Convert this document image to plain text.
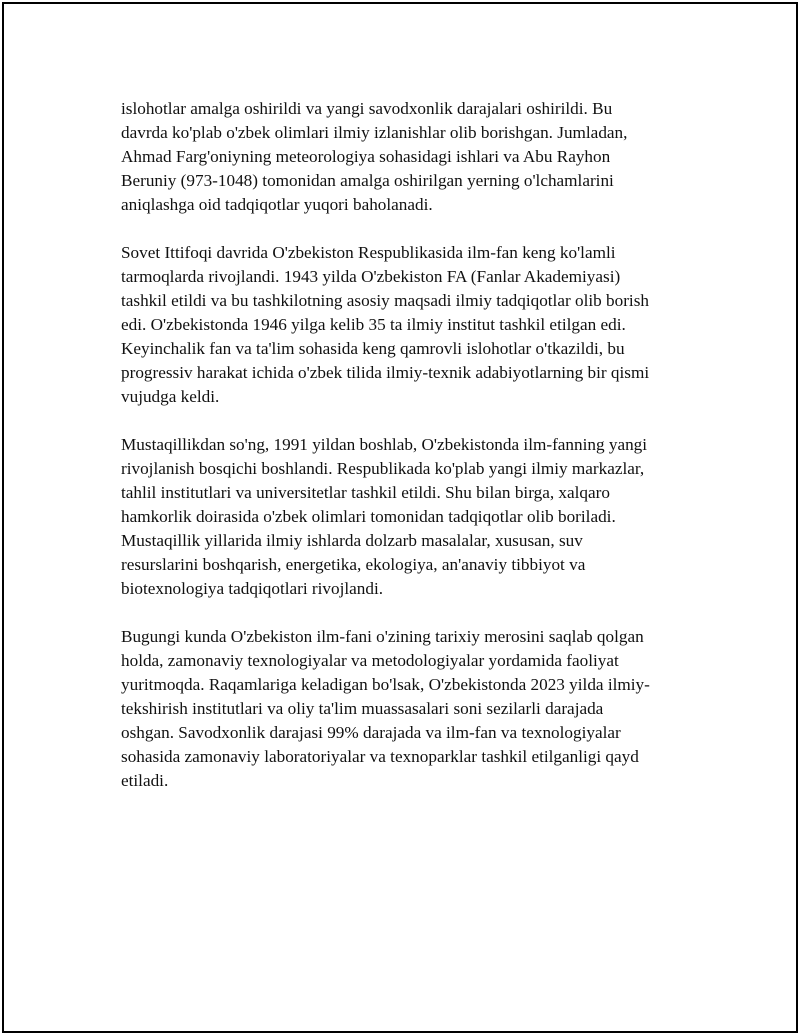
islohotlar amalga oshirildi va yangi savodxonlik darajalari oshirildi. Bu
davrda ko'plab o'zbek olimlari ilmiy izlanishlar olib borishgan. Jumladan,
Ahmad Farg'oniyning meteorologiya sohasidagi ishlari va Abu Rayhon
Beruniy (973-1048) tomonidan amalga oshirilgan yerning o'lchamlarini
aniqlashga oid tadqiqotlar yuqori baholanadi.

Sovet Ittifoqi davrida O'zbekiston Respublikasida ilm-fan keng ko'lamli
tarmoqlarda rivojlandi. 1943 yilda O'zbekiston FA (Fanlar Akademiyasi)
tashkil etildi va bu tashkilotning asosiy maqsadi ilmiy tadqiqotlar olib borish
edi. O'zbekistonda 1946 yilga kelib 35 ta ilmiy institut tashkil etilgan edi.
Keyinchalik fan va ta'lim sohasida keng qamrovli islohotlar o'tkazildi, bu
progressiv harakat ichida o'zbek tilida ilmiy-texnik adabiyotlarning bir qismi
vujudga keldi.

Mustaqillikdan so'ng, 1991 yildan boshlab, O'zbekistonda ilm-fanning yangi
rivojlanish bosqichi boshlandi. Respublikada ko'plab yangi ilmiy markazlar,
tahlil institutlari va universitetlar tashkil etildi. Shu bilan birga, xalqaro
hamkorlik doirasida o'zbek olimlari tomonidan tadqiqotlar olib boriladi.
Mustaqillik yillarida ilmiy ishlarda dolzarb masalalar, xususan, suv
resurslarini boshqarish, energetika, ekologiya, an'anaviy tibbiyot va
biotexnologiya tadqiqotlari rivojlandi.

Bugungi kunda O'zbekiston ilm-fani o'zining tarixiy merosini saqlab qolgan
holda, zamonaviy texnologiyalar va metodologiyalar yordamida faoliyat
yuritmoqda. Raqamlariga keladigan bo'lsak, O'zbekistonda 2023 yilda ilmiy-
tekshirish institutlari va oliy ta'lim muassasalari soni sezilarli darajada
oshgan. Savodxonlik darajasi 99% darajada va ilm-fan va texnologiyalar
sohasida zamonaviy laboratoriyalar va texnoparklar tashkil etilganligi qayd
etiladi.
